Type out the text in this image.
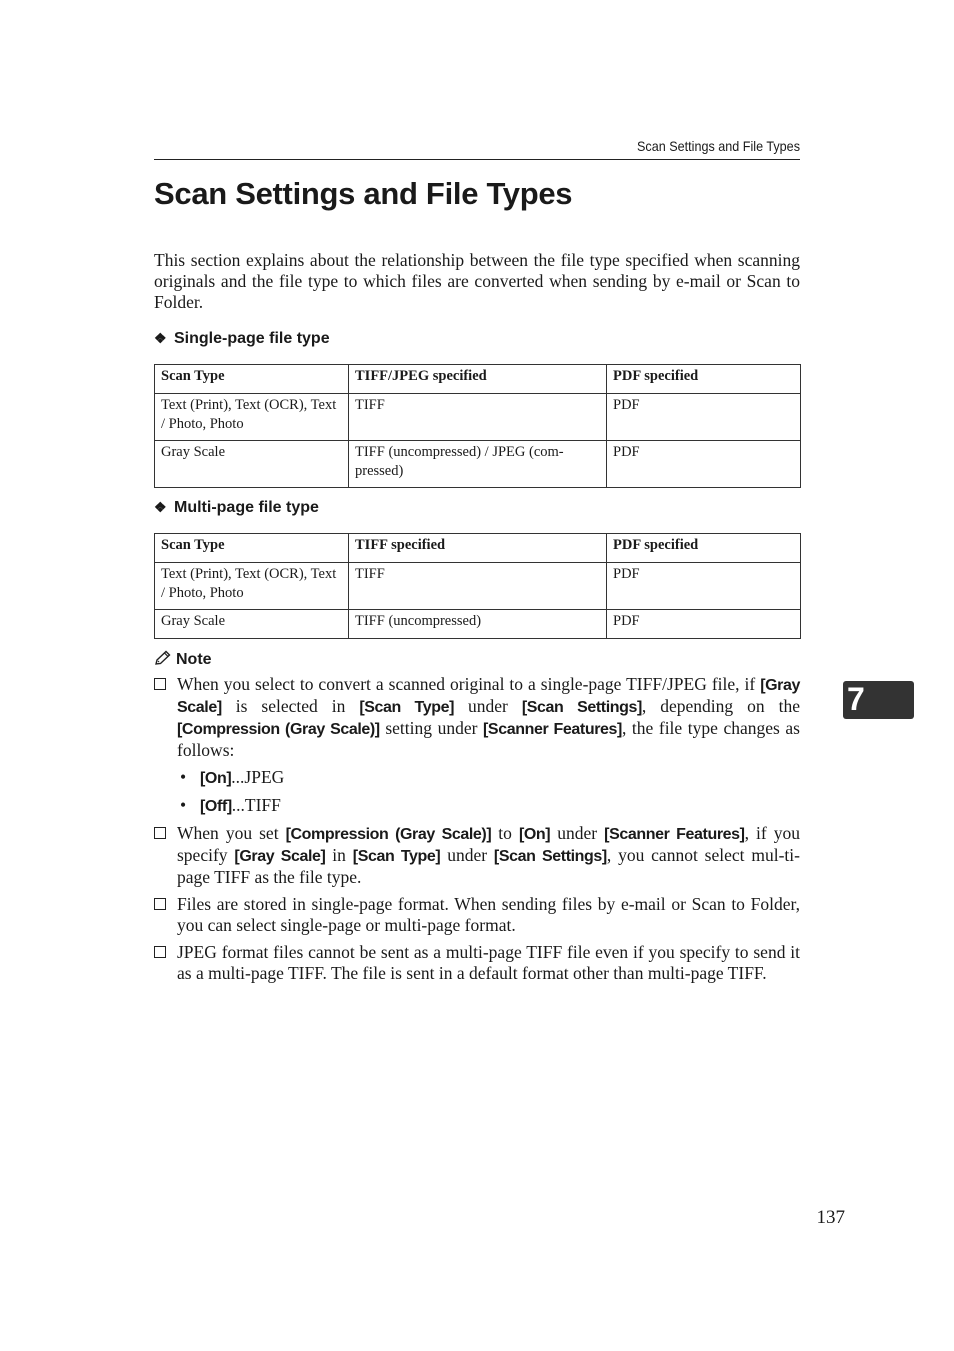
Scan Settings and File Types
Scan Settings and File Types

This section explains about the relationship between the file type specified when scanning originals and the file type to which files are converted when sending by e-mail or Scan to Folder.

❖ Single-page file type
Scan Type	TIFF/JPEG specified	PDF specified
Text (Print), Text (OCR), Text / Photo, Photo	TIFF	PDF
Gray Scale	TIFF (uncompressed) / JPEG (com-pressed)	PDF
❖ Multi-page file type
Scan Type	TIFF specified	PDF specified
Text (Print), Text (OCR), Text / Photo, Photo	TIFF	PDF
Gray Scale	TIFF (uncompressed)	PDF
Note

When you select to convert a scanned original to a single-page TIFF/JPEG file, if [Gray Scale] is selected in [Scan Type] under [Scan Settings], depending on the [Compression (Gray Scale)] setting under [Scanner Features], the file type changes as follows:

• [On]...JPEG
• [Off]...TIFF

When you set [Compression (Gray Scale)] to [On] under [Scanner Features], if you specify [Gray Scale] in [Scan Type] under [Scan Settings], you cannot select mul-ti-page TIFF as the file type.

Files are stored in single-page format. When sending files by e-mail or Scan to Folder, you can select single-page or multi-page format.

JPEG format files cannot be sent as a multi-page TIFF file even if you specify to send it as a multi-page TIFF. The file is sent in a default format other than multi-page TIFF.

7
137
